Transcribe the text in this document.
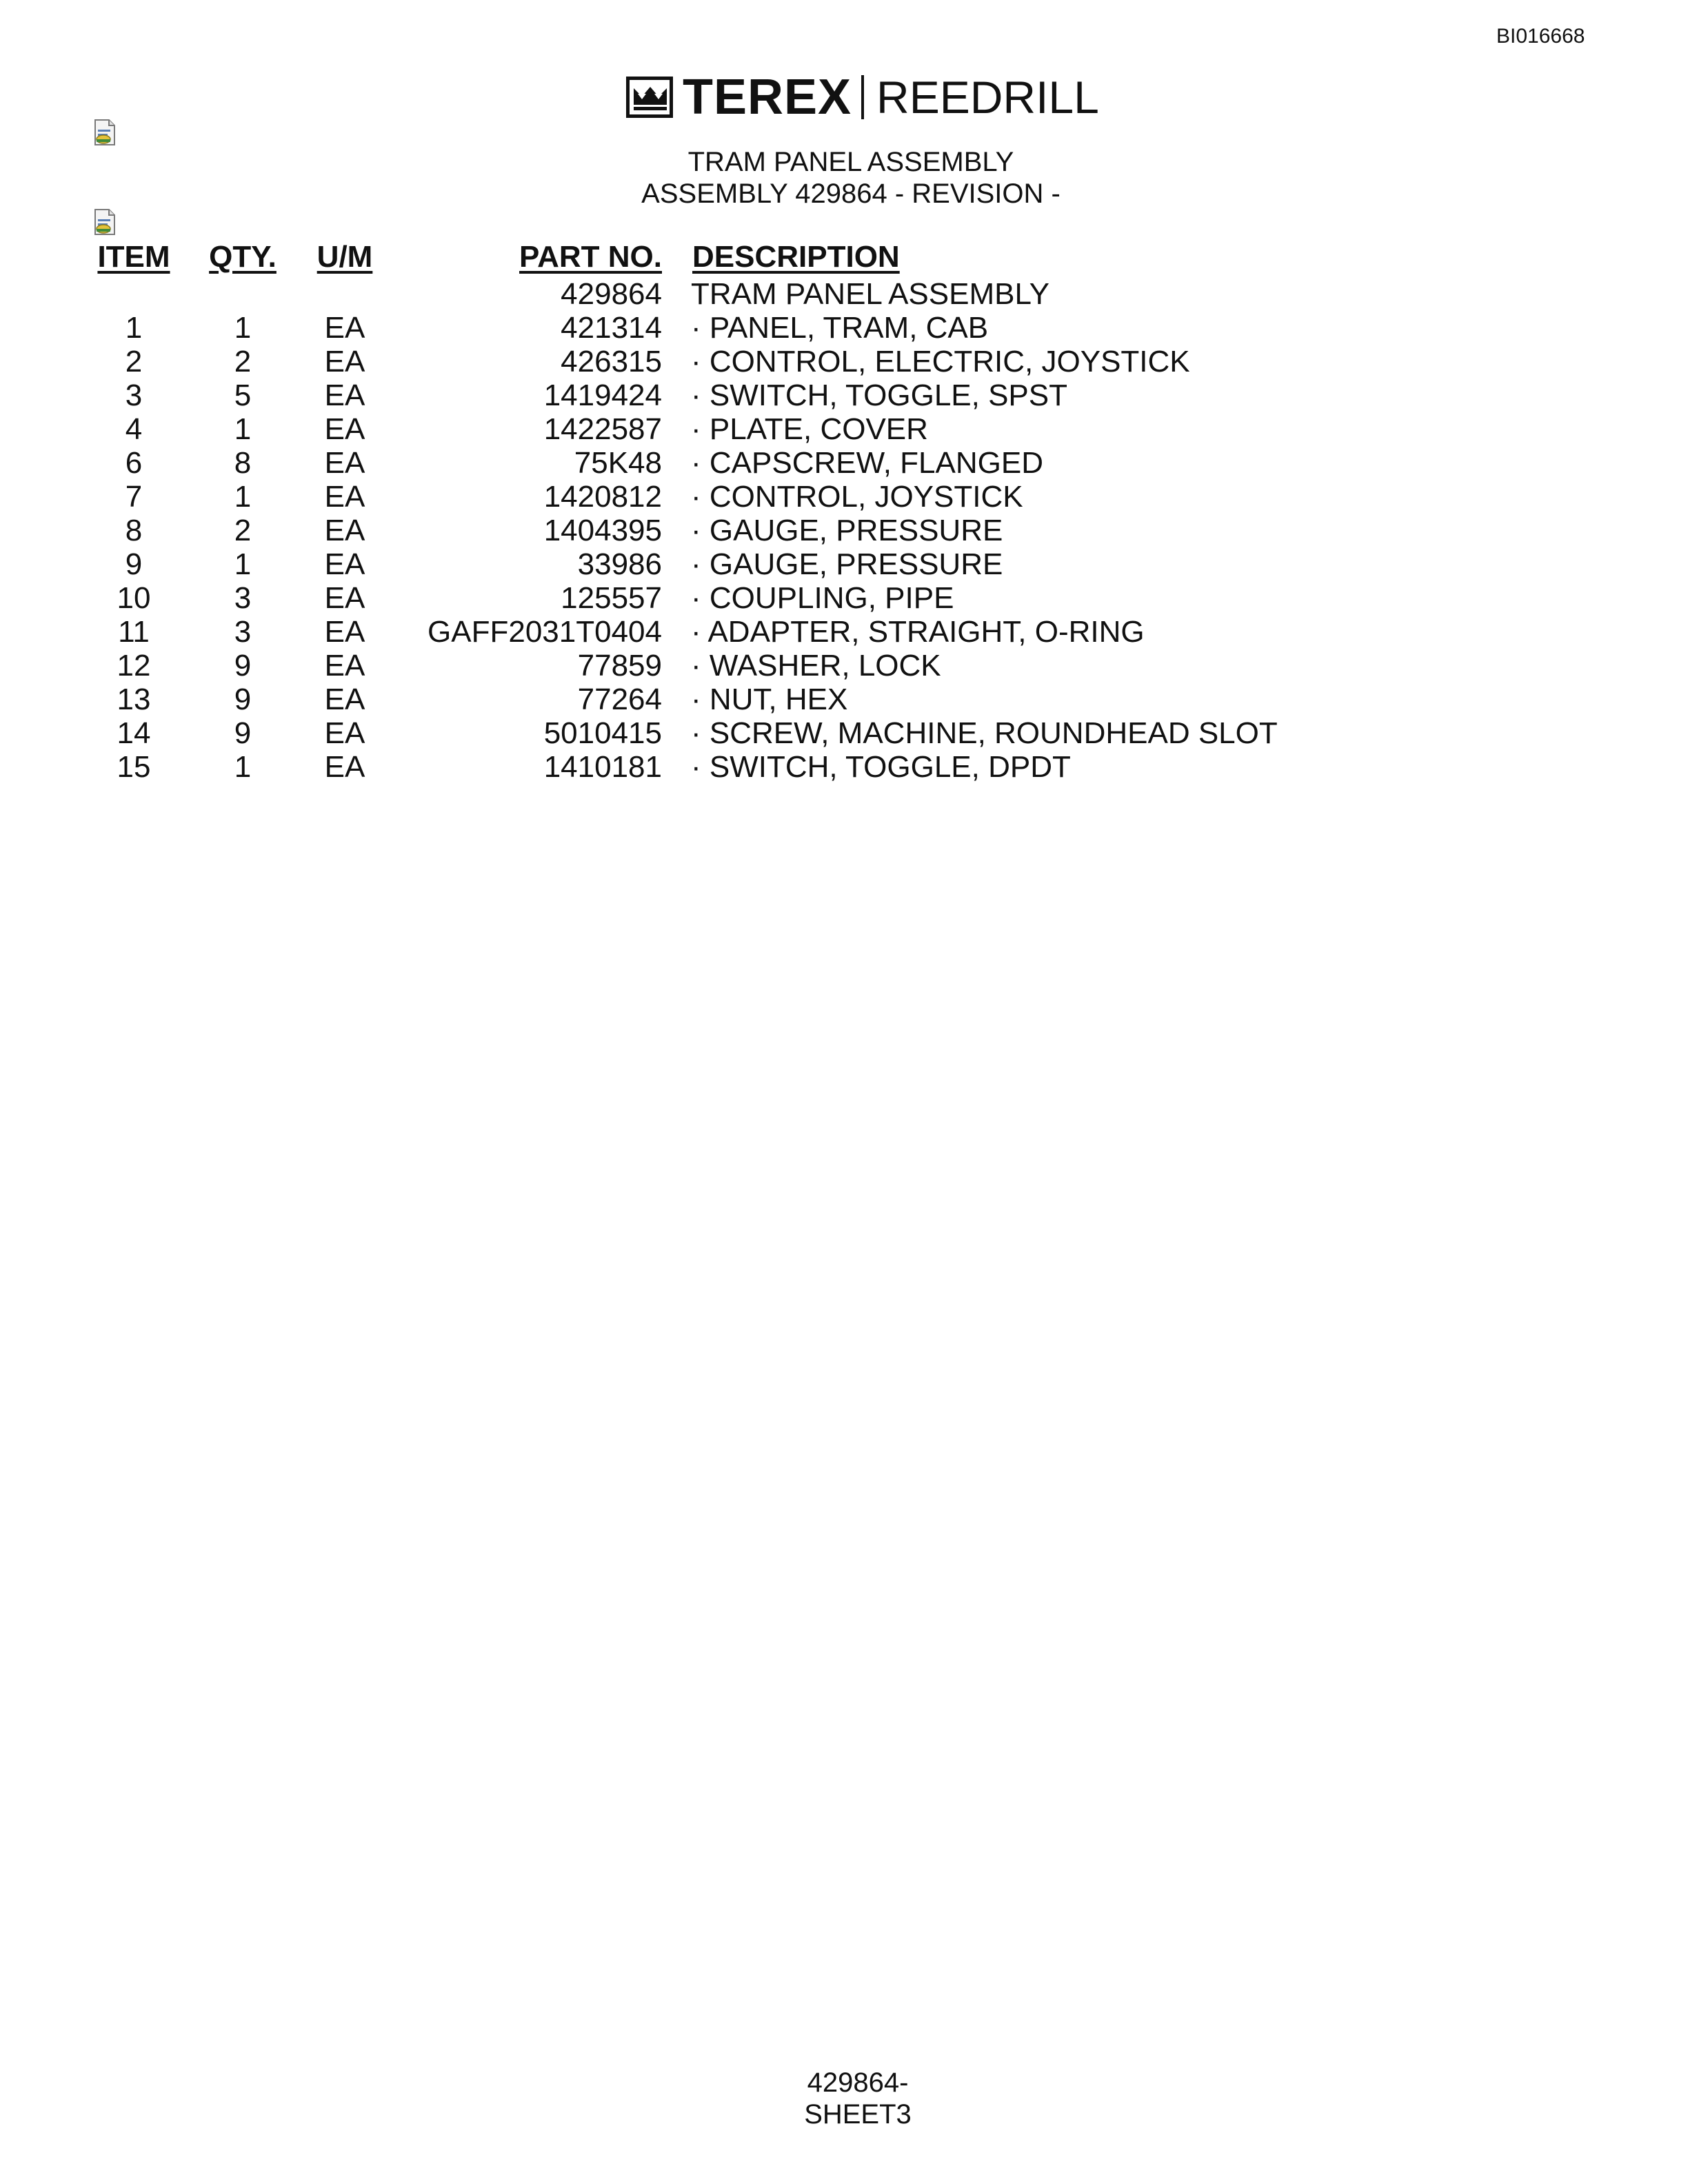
BI016668
TEREX REEDRILL
TRAM PANEL ASSEMBLY
ASSEMBLY 429864 - REVISION -
ITEM	QTY.	U/M	PART NO.	DESCRIPTION
			429864	TRAM PANEL ASSEMBLY
1	1	EA	421314	· PANEL, TRAM, CAB
2	2	EA	426315	· CONTROL, ELECTRIC, JOYSTICK
3	5	EA	1419424	· SWITCH, TOGGLE, SPST
4	1	EA	1422587	· PLATE, COVER
6	8	EA	75K48	· CAPSCREW, FLANGED
7	1	EA	1420812	· CONTROL, JOYSTICK
8	2	EA	1404395	· GAUGE, PRESSURE
9	1	EA	33986	· GAUGE, PRESSURE
10	3	EA	125557	· COUPLING, PIPE
11	3	EA	GAFF2031T0404	· ADAPTER, STRAIGHT, O-RING
12	9	EA	77859	· WASHER, LOCK
13	9	EA	77264	· NUT, HEX
14	9	EA	5010415	· SCREW, MACHINE, ROUNDHEAD SLOT
15	1	EA	1410181	· SWITCH, TOGGLE, DPDT
429864-
SHEET3
